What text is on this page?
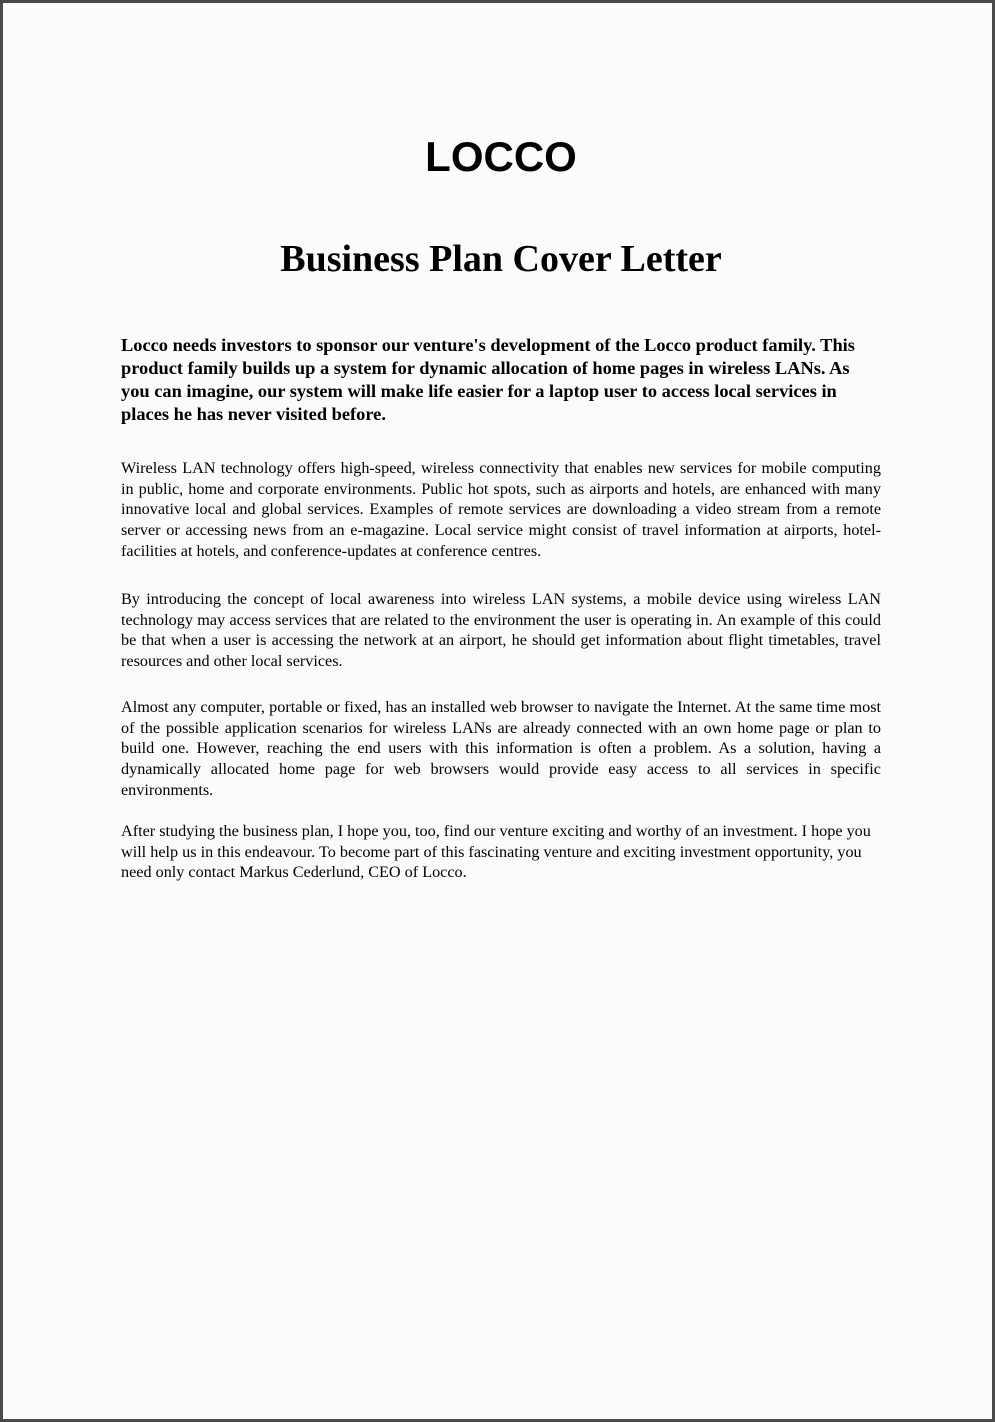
LOCCO
Business Plan Cover Letter

Locco needs investors to sponsor our venture's development of the Locco product family. This product family builds up a system for dynamic allocation of home pages in wireless LANs. As you can imagine, our system will make life easier for a laptop user to access local services in places he has never visited before.

Wireless LAN technology offers high-speed, wireless connectivity that enables new services for mobile computing in public, home and corporate environments. Public hot spots, such as airports and hotels, are enhanced with many innovative local and global services. Examples of remote services are downloading a video stream from a remote server or accessing news from an e-magazine. Local service might consist of travel information at airports, hotel-facilities at hotels, and conference-updates at conference centres.

By introducing the concept of local awareness into wireless LAN systems, a mobile device using wireless LAN technology may access services that are related to the environment the user is operating in. An example of this could be that when a user is accessing the network at an airport, he should get information about flight timetables, travel resources and other local services.

Almost any computer, portable or fixed, has an installed web browser to navigate the Internet. At the same time most of the possible application scenarios for wireless LANs are already connected with an own home page or plan to build one. However, reaching the end users with this information is often a problem. As a solution, having a dynamically allocated home page for web browsers would provide easy access to all services in specific environments.

After studying the business plan, I hope you, too, find our venture exciting and worthy of an investment. I hope you will help us in this endeavour. To become part of this fascinating venture and exciting investment opportunity, you need only contact Markus Cederlund, CEO of Locco.
